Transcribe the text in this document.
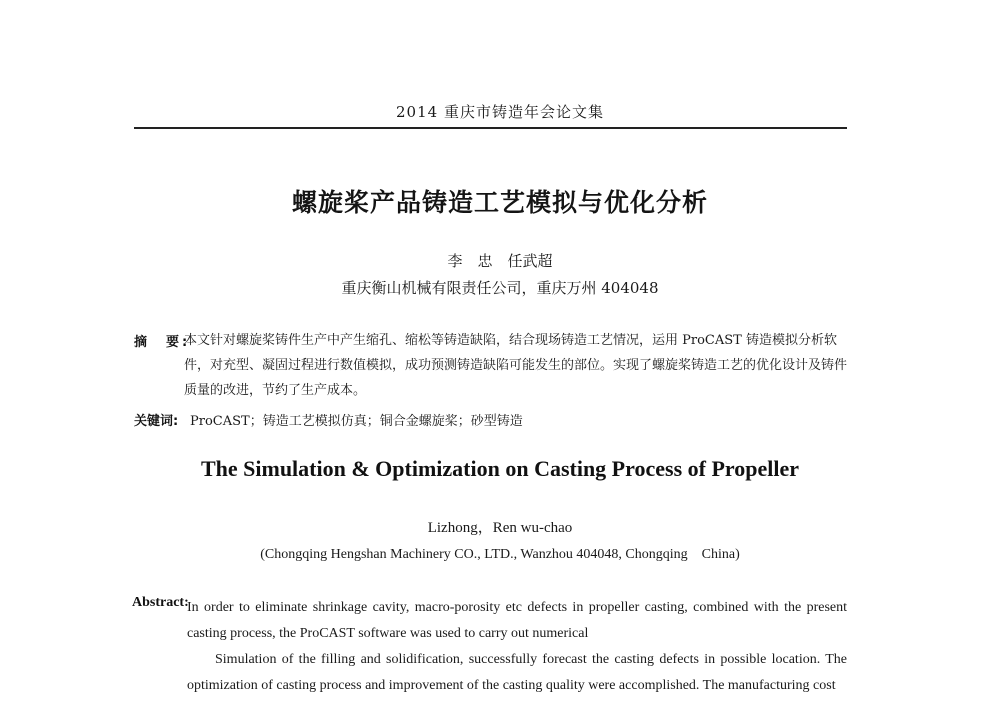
2014 重庆市铸造年会论文集
螺旋桨产品铸造工艺模拟与优化分析
李　忠　任武超
重庆衡山机械有限责任公司，重庆万州 404048
摘　要:
本文针对螺旋桨铸件生产中产生缩孔、缩松等铸造缺陷，结合现场铸造工艺情况，运用 ProCAST 铸造模拟分析软件，对充型、凝固过程进行数值模拟，成功预测铸造缺陷可能发生的部位。实现了螺旋桨铸造工艺的优化设计及铸件质量的改进，节约了生产成本。
关键词: ProCAST；铸造工艺模拟仿真；铜合金螺旋桨；砂型铸造
The Simulation & Optimization on Casting Process of Propeller
Lizhong，Ren wu-chao
(Chongqing Hengshan Machinery CO., LTD., Wanzhou 404048, Chongqing　China)
Abstract:

In order to eliminate shrinkage cavity, macro-porosity etc defects in propeller casting, combined with the present casting process, the ProCAST software was used to carry out numerical

Simulation of the filling and solidification, successfully forecast the casting defects in possible location. The optimization of casting process and improvement of the casting quality were accomplished. The manufacturing cost
